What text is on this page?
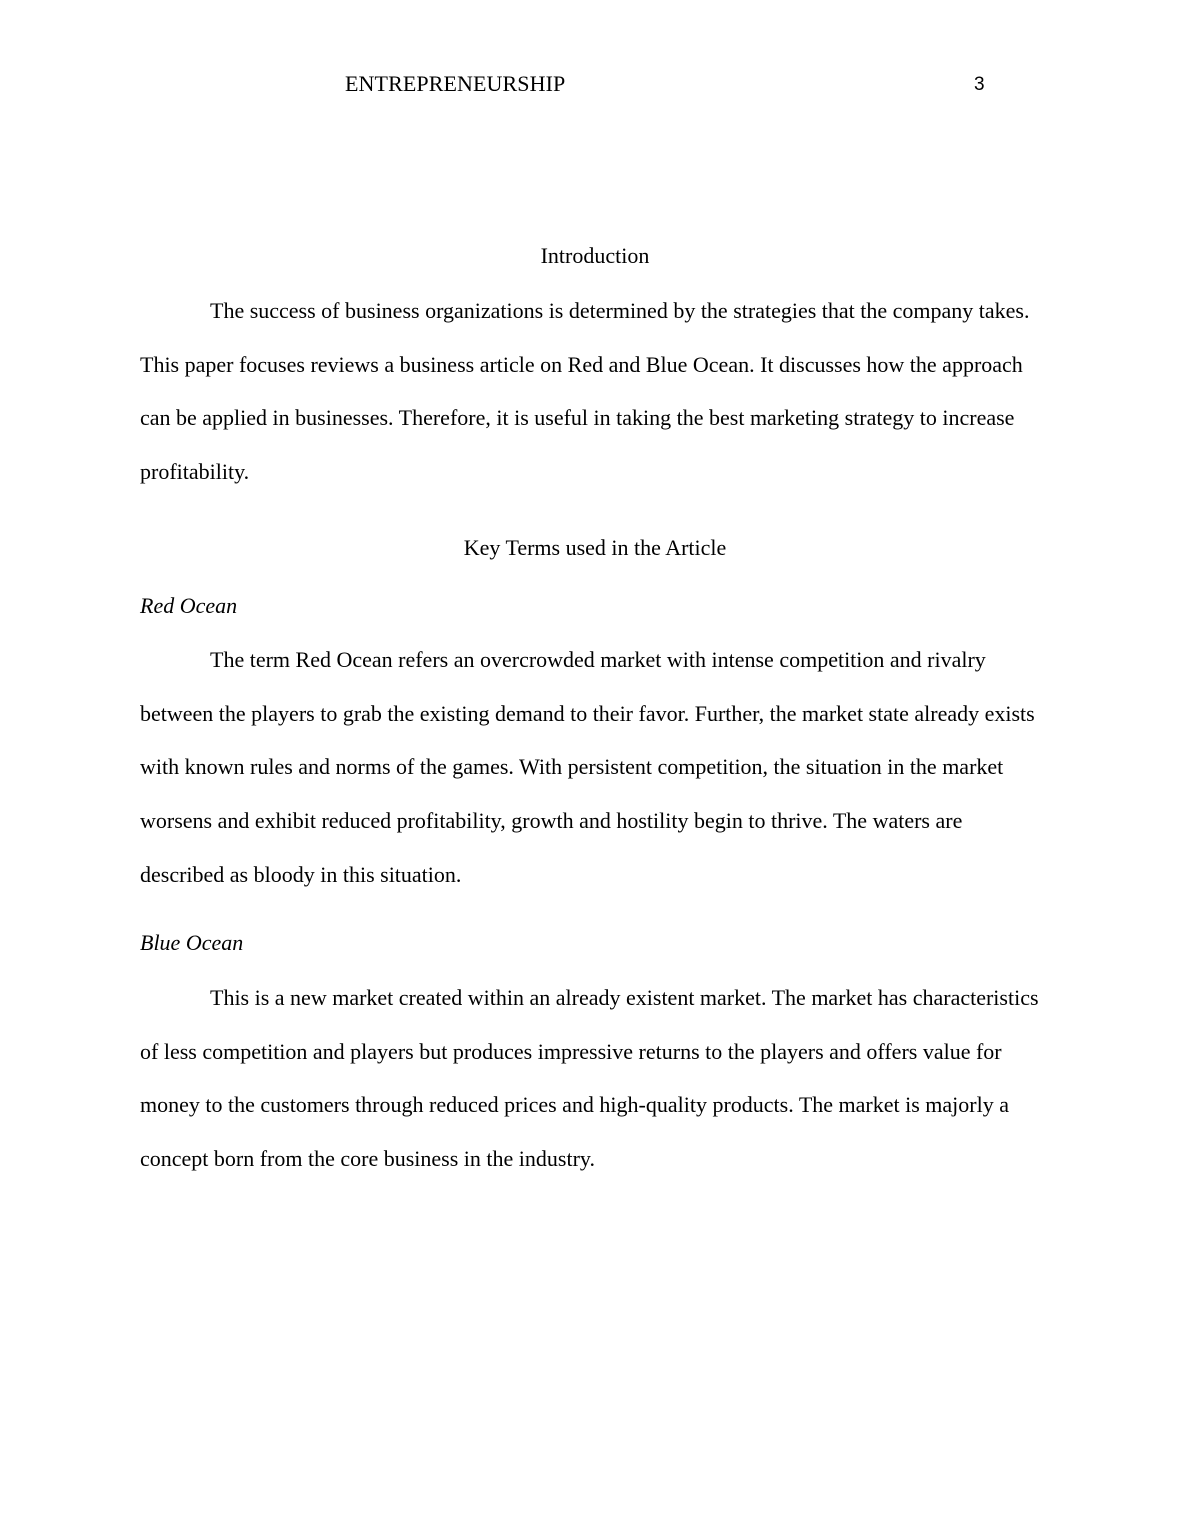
ENTREPRENEURSHIP	3
Introduction

The success of business organizations is determined by the strategies that the company takes. This paper focuses reviews a business article on Red and Blue Ocean. It discusses how the approach can be applied in businesses. Therefore, it is useful in taking the best marketing strategy to increase profitability.

Key Terms used in the Article
Red Ocean

The term Red Ocean refers an overcrowded market with intense competition and rivalry between the players to grab the existing demand to their favor. Further, the market state already exists with known rules and norms of the games. With persistent competition, the situation in the market worsens and exhibit reduced profitability, growth and hostility begin to thrive. The waters are described as bloody in this situation.

Blue Ocean

This is a new market created within an already existent market. The market has characteristics of less competition and players but produces impressive returns to the players and offers value for money to the customers through reduced prices and high-quality products. The market is majorly a concept born from the core business in the industry.
